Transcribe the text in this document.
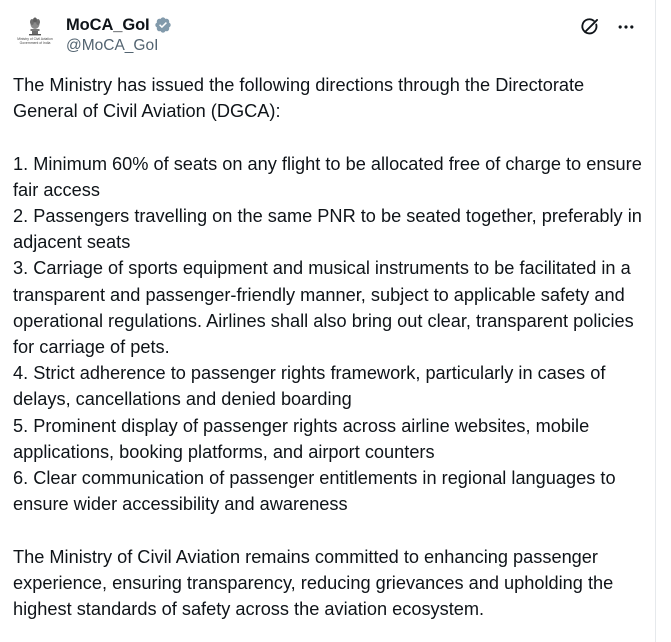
Ministry of Civil Aviation
Government of India
MoCA_GoI
@MoCA_GoI

The Ministry has issued the following directions through the Directorate General of Civil Aviation (DGCA):

1. Minimum 60% of seats on any flight to be allocated free of charge to ensure fair access

2. Passengers travelling on the same PNR to be seated together, preferably in adjacent seats

3. Carriage of sports equipment and musical instruments to be facilitated in a transparent and passenger-friendly manner, subject to applicable safety and operational regulations. Airlines shall also bring out clear, transparent policies for carriage of pets.

4. Strict adherence to passenger rights framework, particularly in cases of delays, cancellations and denied boarding

5. Prominent display of passenger rights across airline websites, mobile applications, booking platforms, and airport counters

6. Clear communication of passenger entitlements in regional languages to ensure wider accessibility and awareness

The Ministry of Civil Aviation remains committed to enhancing passenger experience, ensuring transparency, reducing grievances and upholding the highest standards of safety across the aviation ecosystem.
